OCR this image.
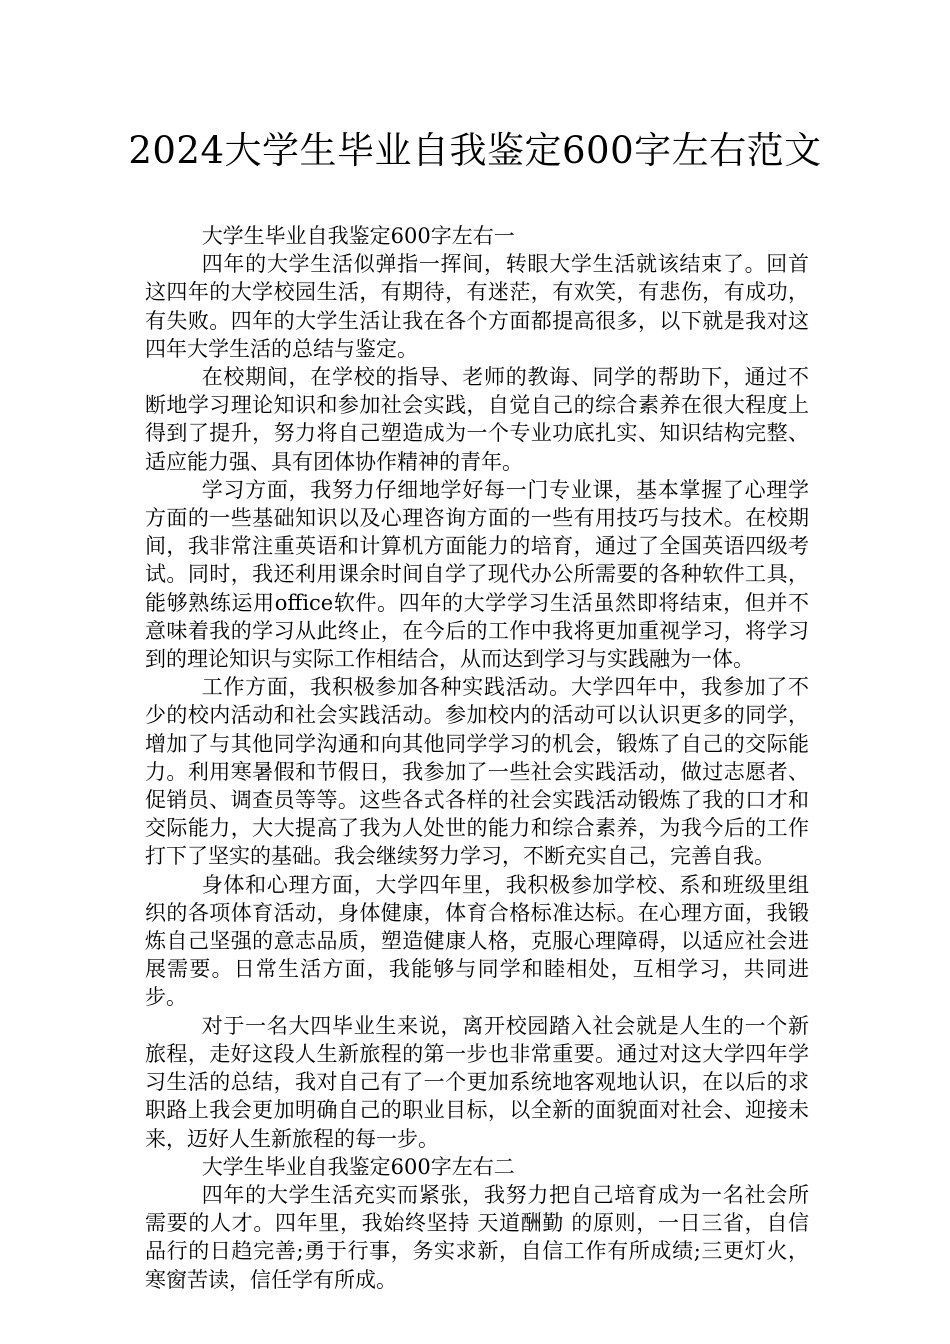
2024大学生毕业自我鉴定600字左右范文

大学生毕业自我鉴定600字左右一

四年的大学生活似弹指一挥间，转眼大学生活就该结束了。回首这四年的大学校园生活，有期待，有迷茫，有欢笑，有悲伤，有成功，有失败。四年的大学生活让我在各个方面都提高很多，以下就是我对这四年大学生活的总结与鉴定。

在校期间，在学校的指导、老师的教诲、同学的帮助下，通过不断地学习理论知识和参加社会实践，自觉自己的综合素养在很大程度上得到了提升，努力将自己塑造成为一个专业功底扎实、知识结构完整、适应能力强、具有团体协作精神的青年。

学习方面，我努力仔细地学好每一门专业课，基本掌握了心理学方面的一些基础知识以及心理咨询方面的一些有用技巧与技术。在校期间，我非常注重英语和计算机方面能力的培育，通过了全国英语四级考试。同时，我还利用课余时间自学了现代办公所需要的各种软件工具，能够熟练运用office软件。四年的大学学习生活虽然即将结束，但并不意味着我的学习从此终止，在今后的工作中我将更加重视学习，将学习到的理论知识与实际工作相结合，从而达到学习与实践融为一体。

工作方面，我积极参加各种实践活动。大学四年中，我参加了不少的校内活动和社会实践活动。参加校内的活动可以认识更多的同学，增加了与其他同学沟通和向其他同学学习的机会，锻炼了自己的交际能力。利用寒暑假和节假日，我参加了一些社会实践活动，做过志愿者、促销员、调查员等等。这些各式各样的社会实践活动锻炼了我的口才和交际能力，大大提高了我为人处世的能力和综合素养，为我今后的工作打下了坚实的基础。我会继续努力学习，不断充实自己，完善自我。

身体和心理方面，大学四年里，我积极参加学校、系和班级里组织的各项体育活动，身体健康，体育合格标准达标。在心理方面，我锻炼自己坚强的意志品质，塑造健康人格，克服心理障碍，以适应社会进展需要。日常生活方面，我能够与同学和睦相处，互相学习，共同进步。

对于一名大四毕业生来说，离开校园踏入社会就是人生的一个新旅程，走好这段人生新旅程的第一步也非常重要。通过对这大学四年学习生活的总结，我对自己有了一个更加系统地客观地认识，在以后的求职路上我会更加明确自己的职业目标，以全新的面貌面对社会、迎接未来，迈好人生新旅程的每一步。

大学生毕业自我鉴定600字左右二

四年的大学生活充实而紧张，我努力把自己培育成为一名社会所需要的人才。四年里，我始终坚持 天道酬勤 的原则，一日三省，自信品行的日趋完善;勇于行事，务实求新，自信工作有所成绩;三更灯火，寒窗苦读，信任学有所成。
